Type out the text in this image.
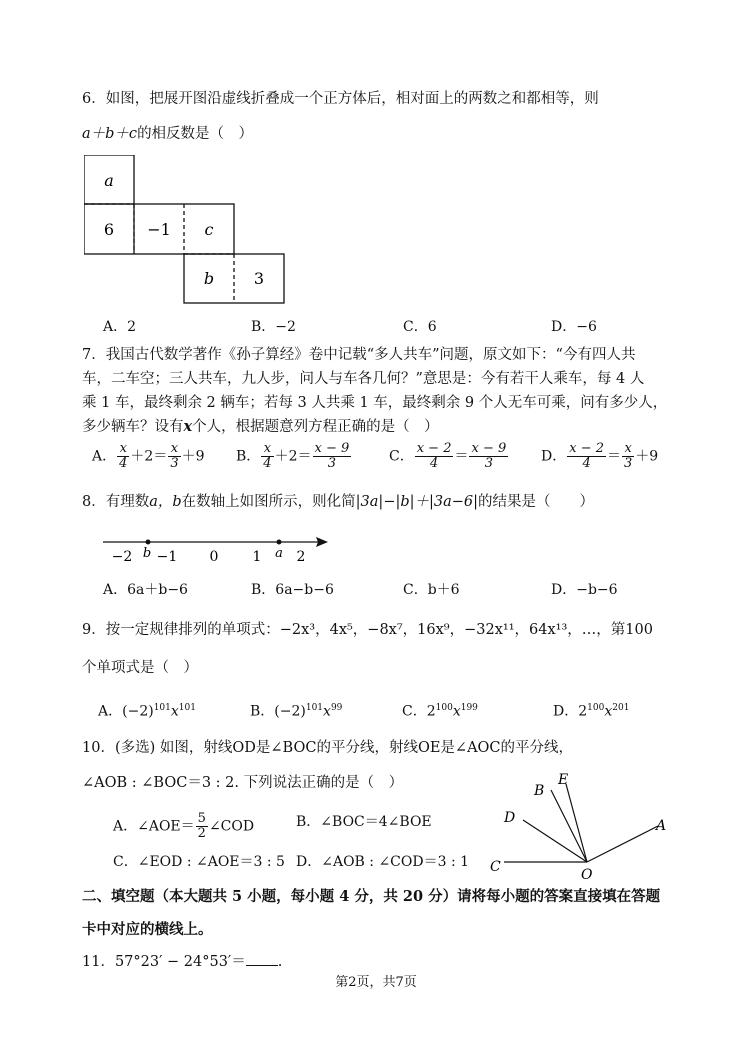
6．如图，把展开图沿虚线折叠成一个正方体后，相对面上的两数之和都相等，则
a＋b＋c的相反数是（　）
a
6 −1 c
b 3
A．2	B．−2	C．6	D．−6
7．我国古代数学著作《孙子算经》卷中记载“多人共车”问题，原文如下：“今有四人共
车，二车空；三人共车，九人步，问人与车各几何？”意思是：今有若干人乘车，每 4 人
乘 1 车，最终剩余 2 辆车；若每 3 人共乘 1 车，最终剩余 9 个人无车可乘，问有多少人，
多少辆车？设有x个人，根据题意列方程正确的是（　）
A． $\frac{x}{4} +2= \frac{x}{3} +9$ B． $\frac{x}{4} +2= \frac{x - 9}{3}$	C． $\frac{x - 2}{4} = \frac{x - 9}{3}$ D． $\frac{x - 2}{4} = \frac{x}{3} +9$
8．有理数a，b在数轴上如图所示，则化简|3a|−|b|＋|3a−6|的结果是（　　）
−2 b −1 0 1 a 2
A．6a＋b−6	B．6a−b−6	C．b＋6	D．−b−6
9．按一定规律排列的单项式：−2x³，4x⁵，−8x⁷，16x⁹，−32x¹¹，64x¹³，…，第100
个单项式是（　）
A．$(-2)^{101}x^{101}$	B．$(-2)^{101}x^{99}$	C．$2^{100}x^{199}$	D．$2^{100}x^{201}$
10．(多选) 如图，射线OD是∠BOC的平分线，射线OE是∠AOC的平分线，
∠AOB : ∠BOC＝3 : 2. 下列说法正确的是（　）
A．∠AOE＝ $\frac{5}{2}$ ∠COD	B．∠BOC＝4∠BOE
C．∠EOD : ∠AOE＝3 : 5 D．∠AOB : ∠COD＝3 : 1 C
D
B
E
A
O
二、填空题（本大题共 5 小题，每小题 4 分，共 20 分）请将每小题的答案直接填在答题
卡中对应的横线上。
11．57°23′ − 24°53′＝ .
第2页，共7页
